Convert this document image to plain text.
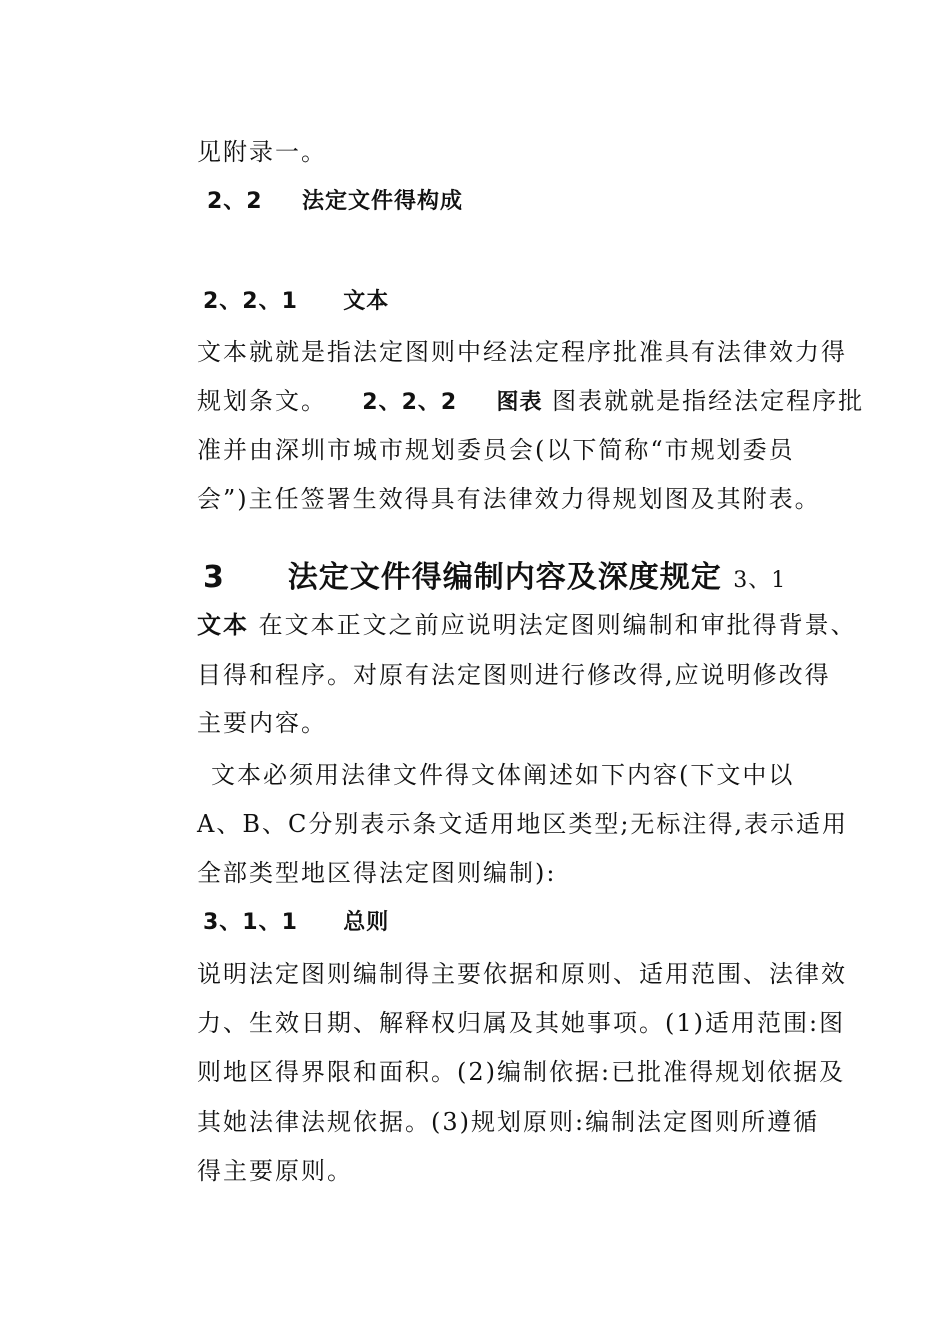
见附录一。
2、2 法定文件得构成
2、2、1 文本
文本就就是指法定图则中经法定程序批准具有法律效力得
规划条文。 2、2、2 图表 图表就就是指经法定程序批
准并由深圳市城市规划委员会(以下简称“市规划委员
会”)主任签署生效得具有法律效力得规划图及其附表。
3 法定文件得编制内容及深度规定 3、1
文本 在文本正文之前应说明法定图则编制和审批得背景、
目得和程序。对原有法定图则进行修改得,应说明修改得
主要内容。
文本必须用法律文件得文体阐述如下内容(下文中以
A、B、C分别表示条文适用地区类型;无标注得,表示适用
全部类型地区得法定图则编制):
3、1、1 总则
说明法定图则编制得主要依据和原则、适用范围、法律效
力、生效日期、解释权归属及其她事项。(1)适用范围:图
则地区得界限和面积。(2)编制依据:已批准得规划依据及
其她法律法规依据。(3)规划原则:编制法定图则所遵循
得主要原则。
